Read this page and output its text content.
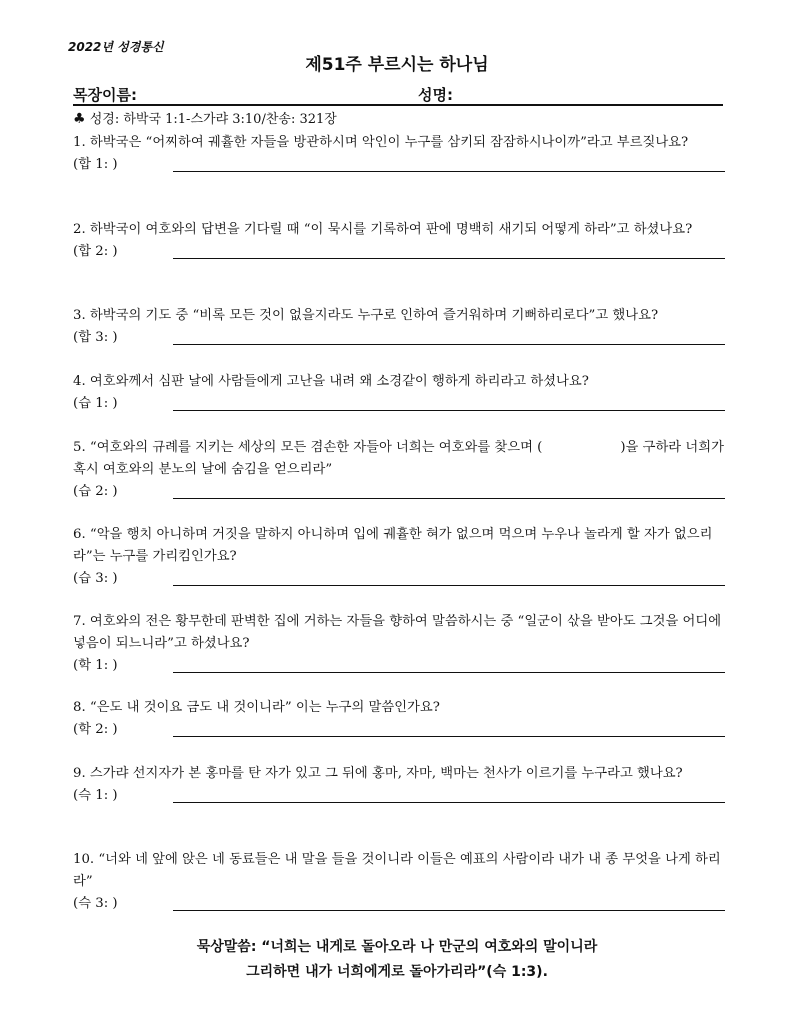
2022년 성경통신
제51주 부르시는 하나님
목장이름:	성명:
♣ 성경: 하박국 1:1-스가랴 3:10/찬송: 321장
1. 하박국은 “어찌하여 궤휼한 자들을 방관하시며 악인이 누구를 삼키되 잠잠하시나이까”라고 부르짖나요?
(합 1: )
2. 하박국이 여호와의 답변을 기다릴 때 “이 묵시를 기록하여 판에 명백히 새기되 어떻게 하라”고 하셨나요?
(합 2: )
3. 하박국의 기도 중 “비록 모든 것이 없을지라도 누구로 인하여 즐거워하며 기뻐하리로다”고 했나요?
(합 3: )
4. 여호와께서 심판 날에 사람들에게 고난을 내려 왜 소경같이 행하게 하리라고 하셨나요?
(습 1: )
5. “여호와의 규례를 지키는 세상의 모든 겸손한 자들아 너희는 여호와를 찾으며 (	)을 구하라 너희가 혹시 여호와의 분노의 날에 숨김을 얻으리라”
(습 2: )
6. “악을 행치 아니하며 거짓을 말하지 아니하며 입에 궤휼한 혀가 없으며 먹으며 누우나 놀라게 할 자가 없으리라”는 누구를 가리킴인가요?
(습 3: )
7. 여호와의 전은 황무한데 판벽한 집에 거하는 자들을 향하여 말씀하시는 중 “일군이 삯을 받아도 그것을 어디에 넣음이 되느니라”고 하셨나요?
(학 1: )
8. “은도 내 것이요 금도 내 것이니라” 이는 누구의 말씀인가요?
(학 2: )
9. 스가랴 선지자가 본 홍마를 탄 자가 있고 그 뒤에 홍마, 자마, 백마는 천사가 이르기를 누구라고 했나요?
(슥 1: )
10. “너와 네 앞에 앉은 네 동료들은 내 말을 들을 것이니라 이들은 예표의 사람이라 내가 내 종 무엇을 나게 하리라”
(슥 3: )
묵상말씀: “너희는 내게로 돌아오라 나 만군의 여호와의 말이니라
그리하면 내가 너희에게로 돌아가리라”(슥 1:3).
